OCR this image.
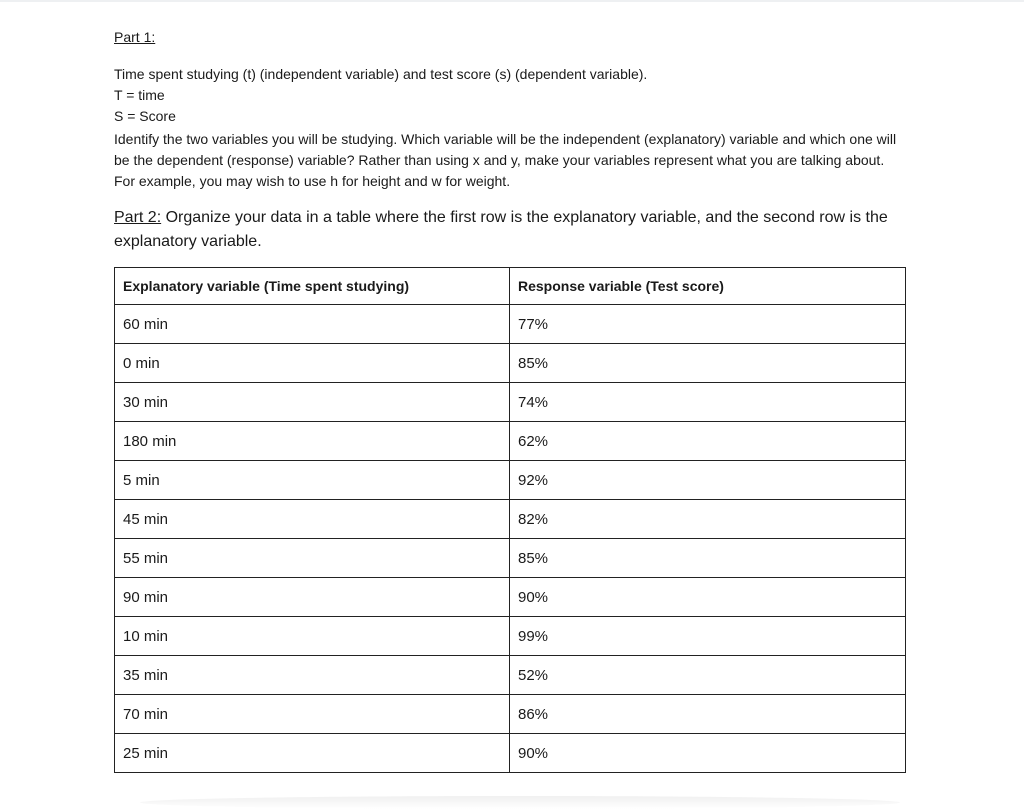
Part 1:
Time spent studying (t) (independent variable) and test score (s) (dependent variable).
T = time
S = Score
Identify the two variables you will be studying. Which variable will be the independent (explanatory) variable and which one will be the dependent (response) variable? Rather than using x and y, make your variables represent what you are talking about. For example, you may wish to use h for height and w for weight.
Part 2: Organize your data in a table where the first row is the explanatory variable, and the second row is the explanatory variable.
Explanatory variable (Time spent studying)	Response variable (Test score)
60 min	77%
0 min	85%
30 min	74%
180 min	62%
5 min	92%
45 min	82%
55 min	85%
90 min	90%
10 min	99%
35 min	52%
70 min	86%
25 min	90%
